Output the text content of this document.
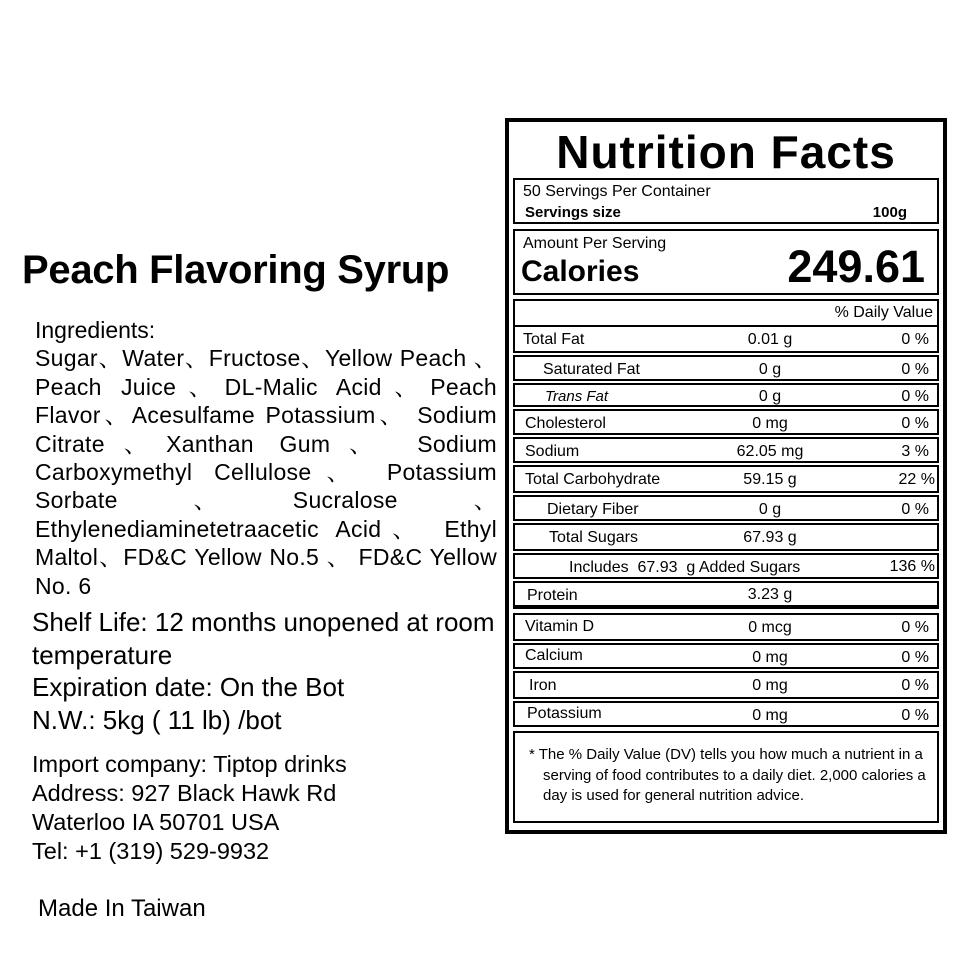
Peach Flavoring Syrup
Ingredients:
Sugar、Water、Fructose、Yellow Peach 、Peach Juice、DL-Malic Acid、Peach Flavor、Acesulfame Potassium、 Sodium Citrate、Xanthan Gum、 Sodium Carboxymethyl Cellulose、 Potassium Sorbate、Sucralose、 Ethylenediaminetetraacetic Acid、 Ethyl Maltol、FD&C Yellow No.5 、 FD&C Yellow No. 6
Shelf Life: 12 months unopened at room temperature
Expiration date: On the Bot
N.W.: 5kg ( 11 lb) /bot
Import company: Tiptop drinks
Address: 927 Black Hawk Rd
Waterloo IA 50701 USA
Tel: +1 (319) 529-9932
Made In Taiwan
Nutrition Facts
50 Servings Per Container
Servings size	100g
Amount Per Serving
Calories	249.61
% Daily Value
Total Fat	0.01 g	0 %
Saturated Fat	0 g	0 %
Trans Fat	0 g	0 %
Cholesterol	0 mg	0 %
Sodium	62.05 mg	3 %
Total Carbohydrate	59.15 g	22 %
Dietary Fiber	0 g	0 %
Total Sugars	67.93 g
Includes  67.93  g Added Sugars	136 %
Protein	3.23 g
Vitamin D	0 mcg	0 %
Calcium	0 mg	0 %
Iron	0 mg	0 %
Potassium	0 mg	0 %
* The % Daily Value (DV) tells you how much a nutrient in a serving of food contributes to a daily diet. 2,000 calories a day is used for general nutrition advice.
